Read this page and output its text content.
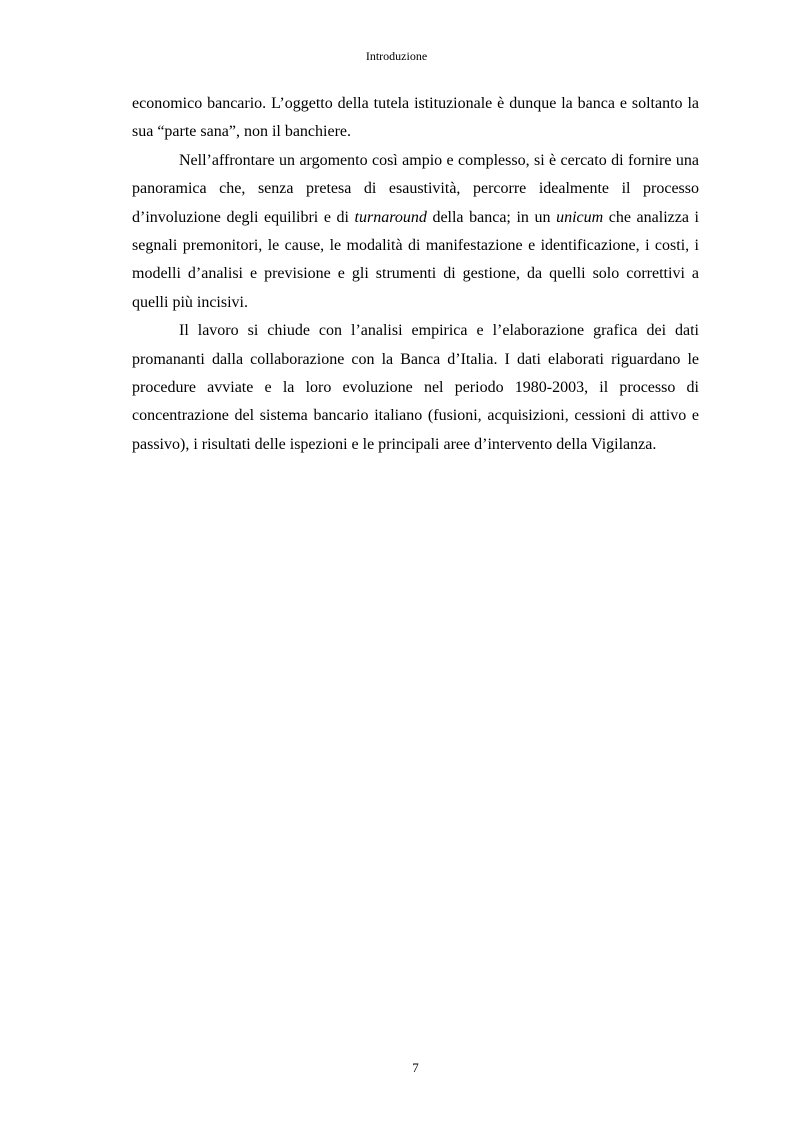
Introduzione

economico bancario. L’oggetto della tutela istituzionale è dunque la banca e soltanto la sua “parte sana”, non il banchiere.

Nell’affrontare un argomento così ampio e complesso, si è cercato di fornire una panoramica che, senza pretesa di esaustività, percorre idealmente il processo d’involuzione degli equilibri e di turnaround della banca; in un unicum che analizza i segnali premonitori, le cause, le modalità di manifestazione e identificazione, i costi, i modelli d’analisi e previsione e gli strumenti di gestione, da quelli solo correttivi a quelli più incisivi.

Il lavoro si chiude con l’analisi empirica e l’elaborazione grafica dei dati promananti dalla collaborazione con la Banca d’Italia. I dati elaborati riguardano le procedure avviate e la loro evoluzione nel periodo 1980-2003, il processo di concentrazione del sistema bancario italiano (fusioni, acquisizioni, cessioni di attivo e passivo), i risultati delle ispezioni e le principali aree d’intervento della Vigilanza.

7
